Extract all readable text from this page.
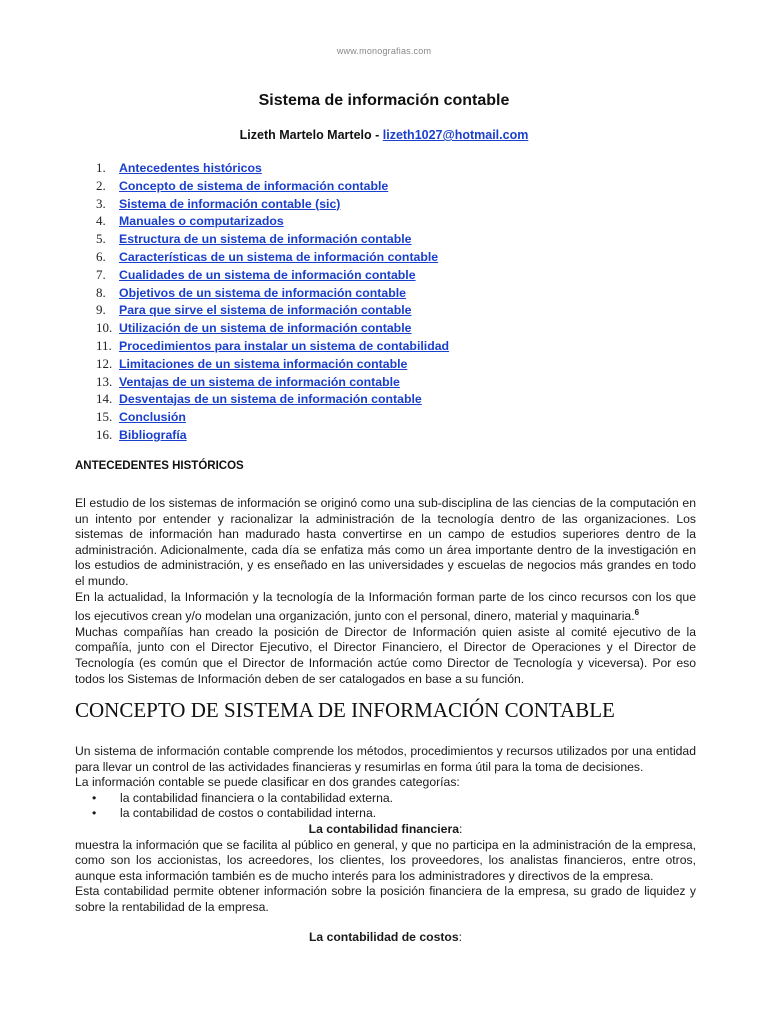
www.monografias.com
Sistema de información contable
Lizeth Martelo Martelo - lizeth1027@hotmail.com
1.	Antecedentes históricos
2.	Concepto de sistema de información contable
3.	Sistema de información contable (sic)
4.	Manuales o computarizados
5.	Estructura de un sistema de información contable
6.	Características de un sistema de información contable
7.	Cualidades de un sistema de información contable
8.	Objetivos de un sistema de información contable
9.	Para que sirve el sistema de información contable
10. Utilización de un sistema de información contable
11. Procedimientos para instalar un sistema de contabilidad
12. Limitaciones de un sistema información contable
13. Ventajas de un sistema de información contable
14. Desventajas de un sistema de información contable
15. Conclusión
16. Bibliografía
ANTECEDENTES HISTÓRICOS

El estudio de los sistemas de información se originó como una sub-disciplina de las ciencias de la computación en un intento por entender y racionalizar la administración de la tecnología dentro de las organizaciones. Los sistemas de información han madurado hasta convertirse en un campo de estudios superiores dentro de la administración. Adicionalmente, cada día se enfatiza más como un área importante dentro de la investigación en los estudios de administración, y es enseñado en las universidades y escuelas de negocios más grandes en todo el mundo.

En la actualidad, la Información y la tecnología de la Información forman parte de los cinco recursos con los que los ejecutivos crean y/o modelan una organización, junto con el personal, dinero, material y maquinaria.$^6$

Muchas compañías han creado la posición de Director de Información quien asiste al comité ejecutivo de la compañía, junto con el Director Ejecutivo, el Director Financiero, el Director de Operaciones y el Director de Tecnología (es común que el Director de Información actúe como Director de Tecnología y viceversa). Por eso todos los Sistemas de Información deben de ser catalogados en base a su función.

CONCEPTO DE SISTEMA DE INFORMACIÓN CONTABLE

Un sistema de información contable comprende los métodos, procedimientos y recursos utilizados por una entidad para llevar un control de las actividades financieras y resumirlas en forma útil para la toma de decisiones.

La información contable se puede clasificar en dos grandes categorías:

• la contabilidad financiera o la contabilidad externa.
• la contabilidad de costos o contabilidad interna.

La contabilidad financiera:

muestra la información que se facilita al público en general, y que no participa en la administración de la empresa, como son los accionistas, los acreedores, los clientes, los proveedores, los analistas financieros, entre otros, aunque esta información también es de mucho interés para los administradores y directivos de la empresa.

Esta contabilidad permite obtener información sobre la posición financiera de la empresa, su grado de liquidez y sobre la rentabilidad de la empresa.

La contabilidad de costos:
